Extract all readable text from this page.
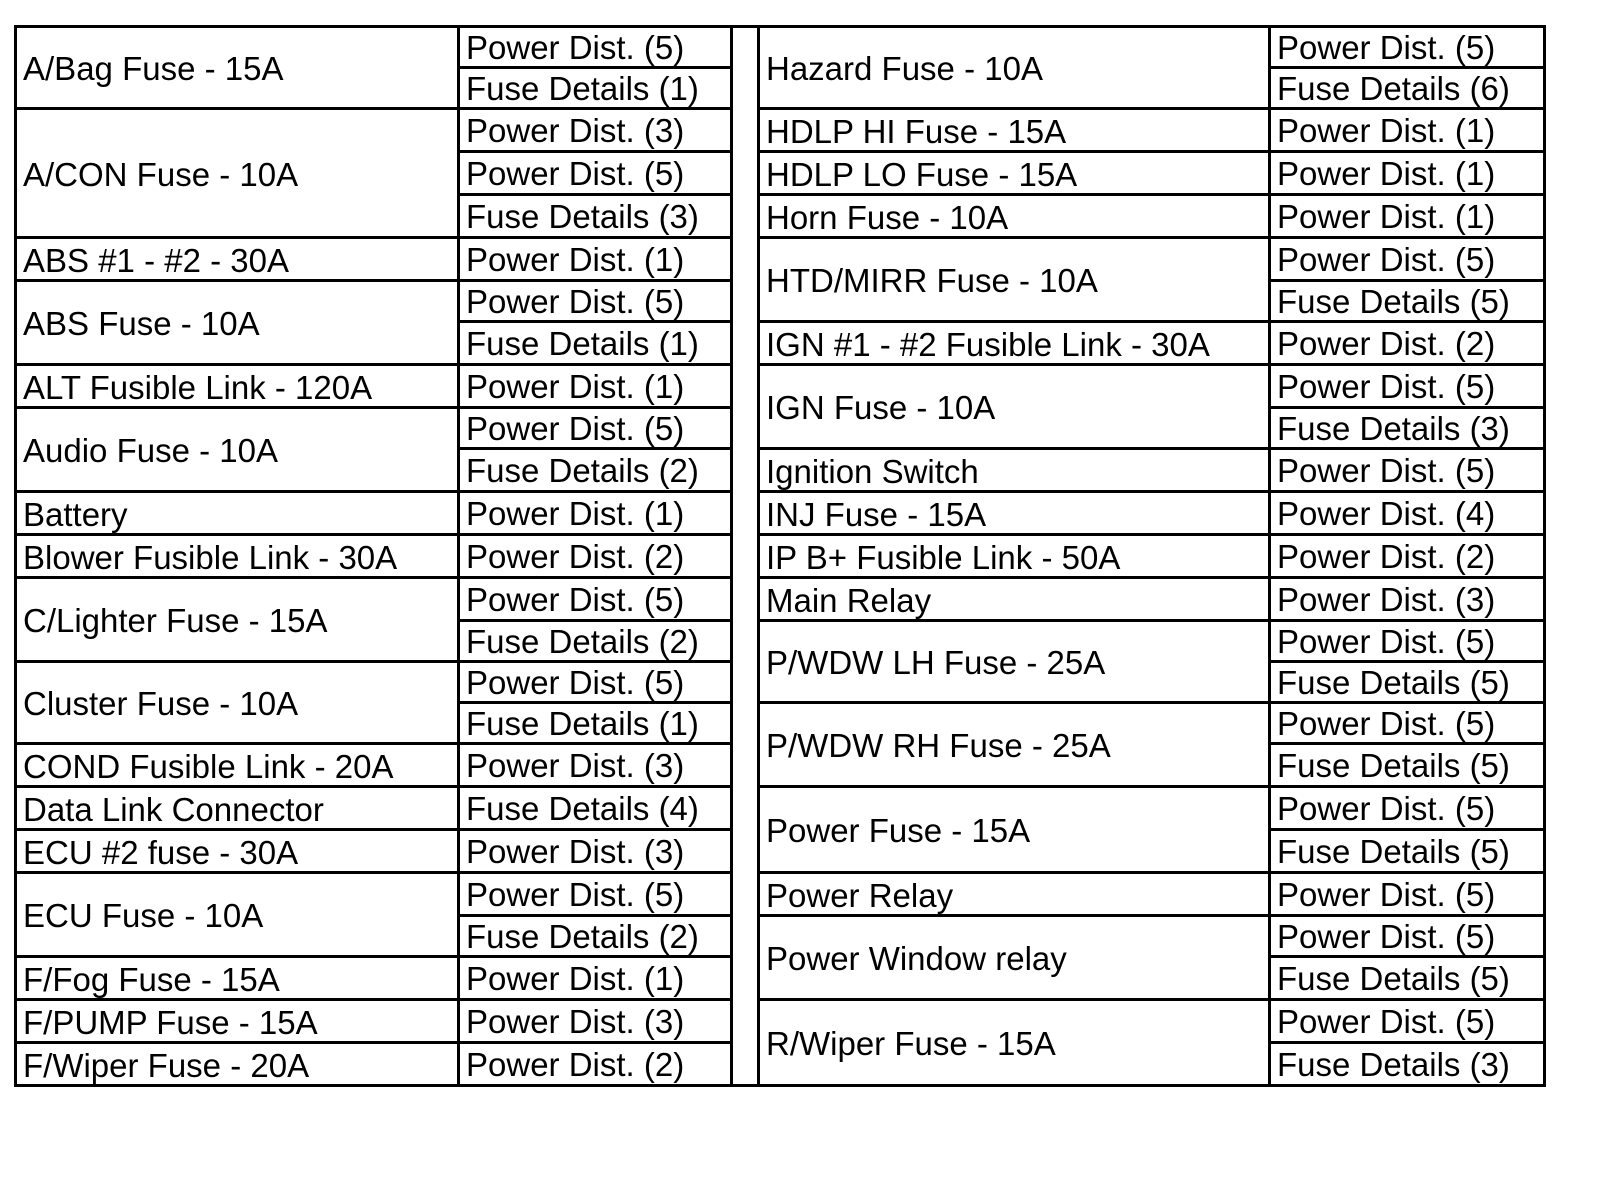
A/Bag Fuse - 15A	Power Dist. (5)		Hazard Fuse - 10A	Power Dist. (5)
	Fuse Details (1)			Fuse Details (6)
A/CON Fuse - 10A	Power Dist. (3)		HDLP HI Fuse - 15A	Power Dist. (1)
	Power Dist. (5)		HDLP LO Fuse - 15A	Power Dist. (1)
	Fuse Details (3)		Horn Fuse - 10A	Power Dist. (1)
ABS #1 - #2 - 30A	Power Dist. (1)		HTD/MIRR Fuse - 10A	Power Dist. (5)
ABS Fuse - 10A	Power Dist. (5)			Fuse Details (5)
	Fuse Details (1)		IGN #1 - #2 Fusible Link - 30A	Power Dist. (2)
ALT Fusible Link - 120A	Power Dist. (1)		IGN Fuse - 10A	Power Dist. (5)
Audio Fuse - 10A	Power Dist. (5)			Fuse Details (3)
	Fuse Details (2)		Ignition Switch	Power Dist. (5)
Battery	Power Dist. (1)		INJ Fuse - 15A	Power Dist. (4)
Blower Fusible Link - 30A	Power Dist. (2)		IP B+ Fusible Link - 50A	Power Dist. (2)
C/Lighter Fuse - 15A	Power Dist. (5)		Main Relay	Power Dist. (3)
	Fuse Details (2)		P/WDW LH Fuse - 25A	Power Dist. (5)
Cluster Fuse - 10A	Power Dist. (5)			Fuse Details (5)
	Fuse Details (1)		P/WDW RH Fuse - 25A	Power Dist. (5)
COND Fusible Link - 20A	Power Dist. (3)			Fuse Details (5)
Data Link Connector	Fuse Details (4)		Power Fuse - 15A	Power Dist. (5)
ECU #2 fuse - 30A	Power Dist. (3)			Fuse Details (5)
ECU Fuse - 10A	Power Dist. (5)		Power Relay	Power Dist. (5)
	Fuse Details (2)		Power Window relay	Power Dist. (5)
F/Fog Fuse - 15A	Power Dist. (1)			Fuse Details (5)
F/PUMP Fuse - 15A	Power Dist. (3)		R/Wiper Fuse - 15A	Power Dist. (5)
F/Wiper Fuse - 20A	Power Dist. (2)			Fuse Details (3)
